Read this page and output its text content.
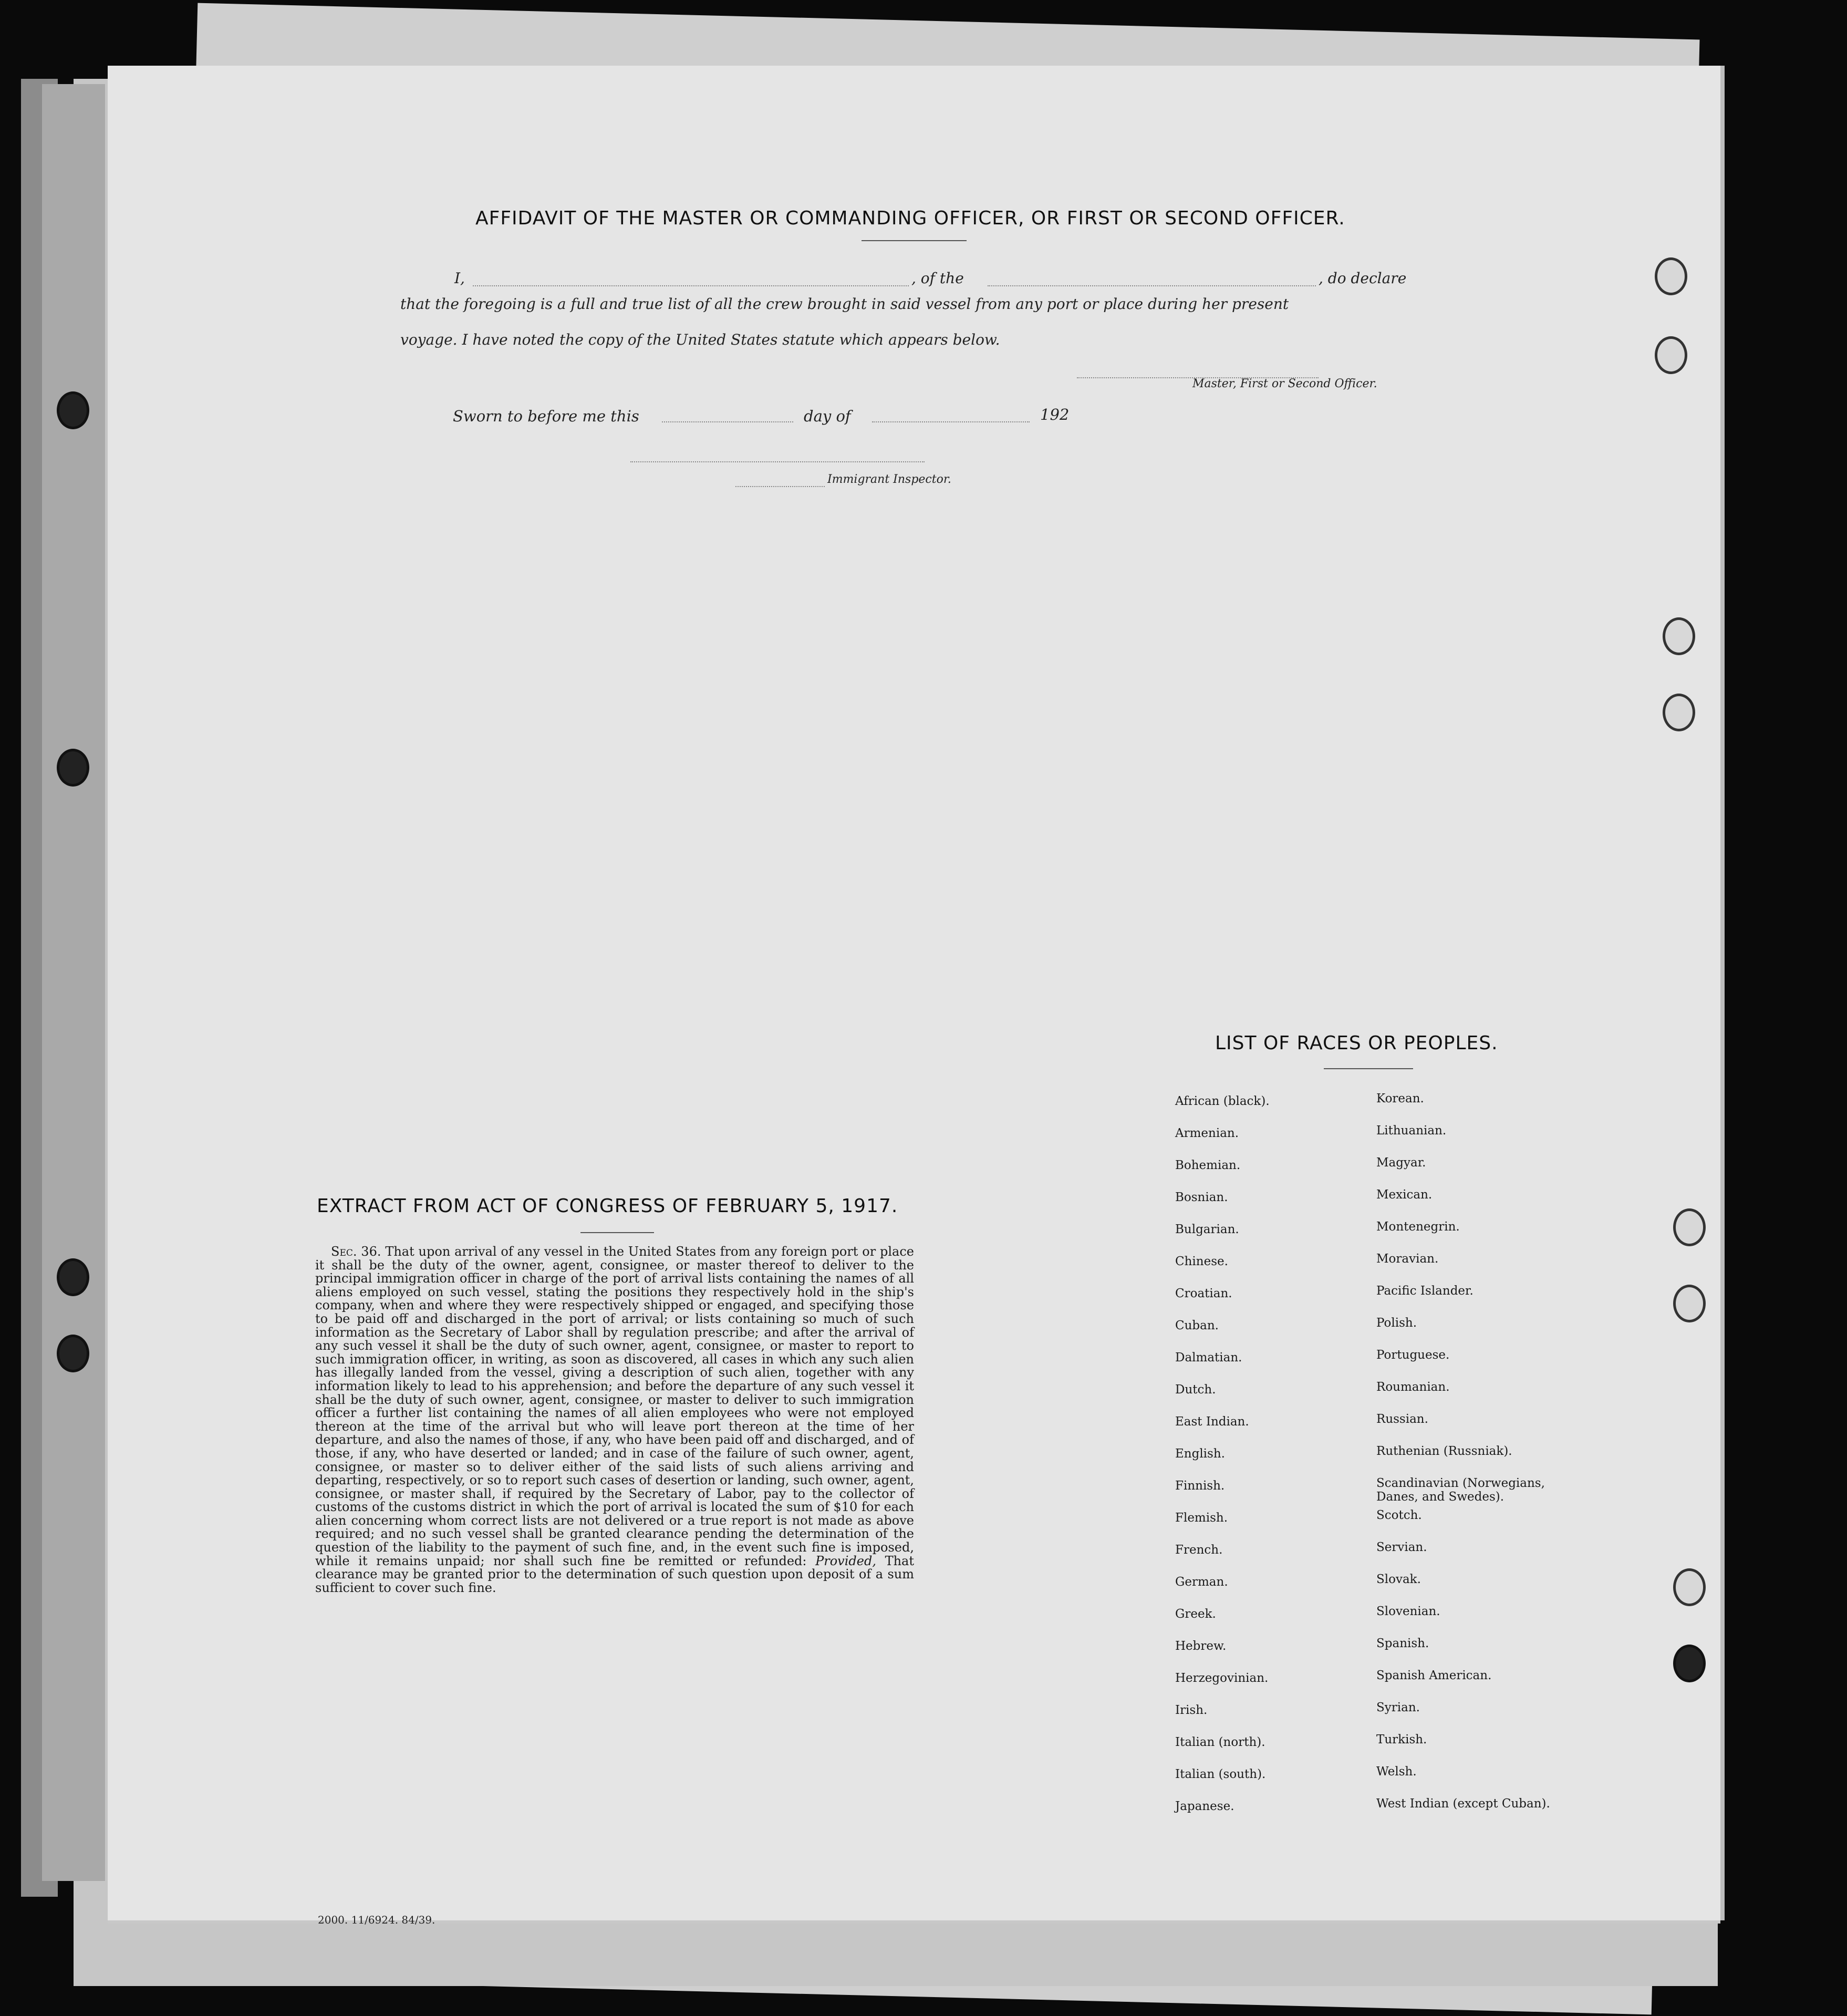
AFFIDAVIT OF THE MASTER OR COMMANDING OFFICER, OR FIRST OR SECOND OFFICER.
I,	, of the	, do declare
that the foregoing is a full and true list of all the crew brought in said vessel from any port or place during her present
voyage. I have noted the copy of the United States statute which appears below.
Master, First or Second Officer.
Sworn to before me this	day of	192
Immigrant Inspector.
EXTRACT FROM ACT OF CONGRESS OF FEBRUARY 5, 1917.
Sec. 36. That upon arrival of any vessel in the United States from any foreign port or place it shall be the duty of the owner, agent, consignee, or master thereof to deliver to the principal immigration officer in charge of the port of arrival lists containing the names of all aliens employed on such vessel, stating the positions they respectively hold in the ship's company, when and where they were respectively shipped or engaged, and specifying those to be paid off and discharged in the port of arrival; or lists containing so much of such information as the Secretary of Labor shall by regulation prescribe; and after the arrival of any such vessel it shall be the duty of such owner, agent, consignee, or master to report to such immigration officer, in writing, as soon as discovered, all cases in which any such alien has illegally landed from the vessel, giving a description of such alien, together with any information likely to lead to his apprehension; and before the departure of any such vessel it shall be the duty of such owner, agent, consignee, or master to deliver to such immigration officer a further list containing the names of all alien employees who were not employed thereon at the time of the arrival but who will leave port thereon at the time of her departure, and also the names of those, if any, who have been paid off and discharged, and of those, if any, who have deserted or landed; and in case of the failure of such owner, agent, consignee, or master so to deliver either of the said lists of such aliens arriving and departing, respectively, or so to report such cases of desertion or landing, such owner, agent, consignee, or master shall, if required by the Secretary of Labor, pay to the collector of customs of the customs district in which the port of arrival is located the sum of $10 for each alien concerning whom correct lists are not delivered or a true report is not made as above required; and no such vessel shall be granted clearance pending the determination of the question of the liability to the payment of such fine, and, in the event such fine is imposed, while it remains unpaid; nor shall such fine be remitted or refunded: Provided, That clearance may be granted prior to the determination of such question upon deposit of a sum sufficient to cover such fine.
LIST OF RACES OR PEOPLES.
African (black).
Armenian.
Bohemian.
Bosnian.
Bulgarian.
Chinese.
Croatian.
Cuban.
Dalmatian.
Dutch.
East Indian.
English.
Finnish.
Flemish.
French.
German.
Greek.
Hebrew.
Herzegovinian.
Irish.
Italian (north).
Italian (south).
Japanese.
Korean.
Lithuanian.
Magyar.
Mexican.
Montenegrin.
Moravian.
Pacific Islander.
Polish.
Portuguese.
Roumanian.
Russian.
Ruthenian (Russniak).
Scandinavian (Norwegians, Danes, and Swedes).
Scotch.
Servian.
Slovak.
Slovenian.
Spanish.
Spanish American.
Syrian.
Turkish.
Welsh.
West Indian (except Cuban).
2000. 11/6924. 84/39.
